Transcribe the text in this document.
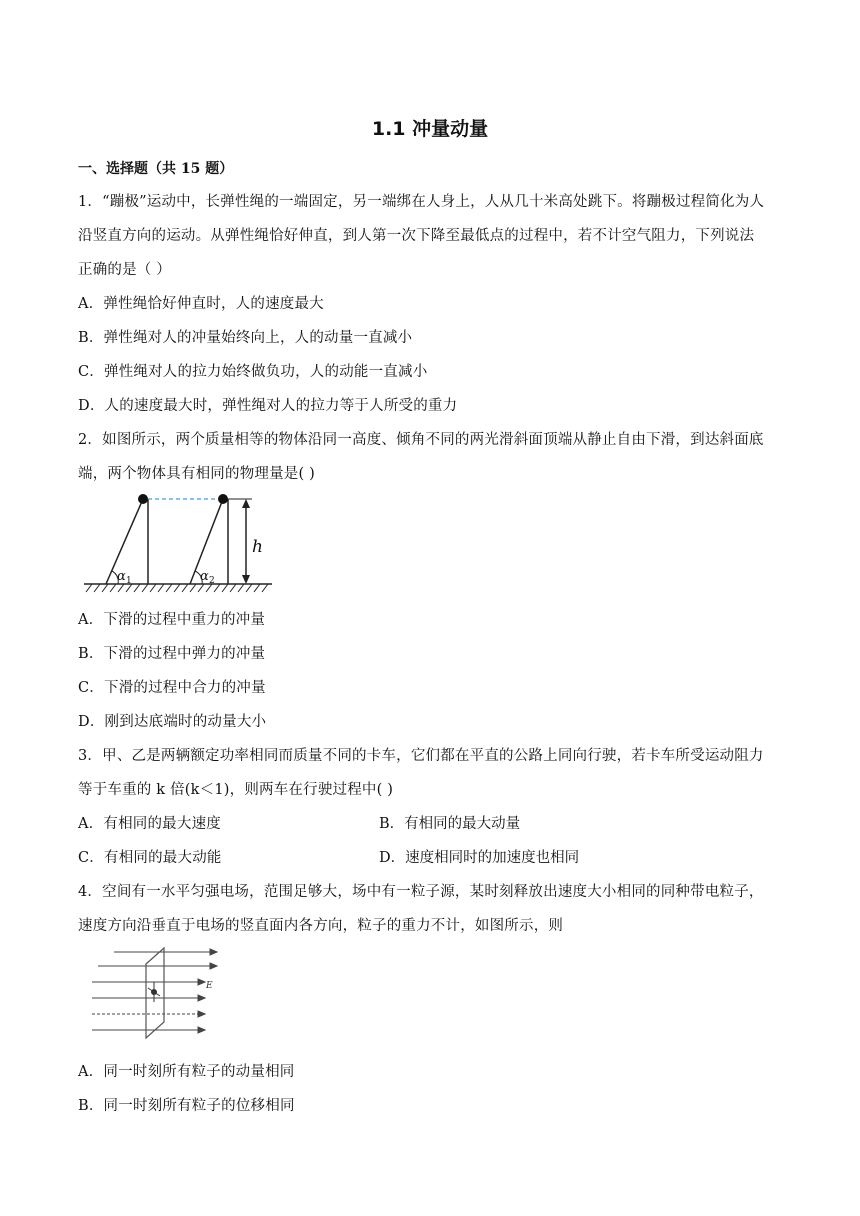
1.1 冲量动量
一、选择题（共 15 题）
1．“蹦极”运动中，长弹性绳的一端固定，另一端绑在人身上，人从几十米高处跳下。将蹦极过程简化为人
沿竖直方向的运动。从弹性绳恰好伸直，到人第一次下降至最低点的过程中，若不计空气阻力，下列说法
正确的是（ ）
A．弹性绳恰好伸直时，人的速度最大
B．弹性绳对人的冲量始终向上，人的动量一直减小
C．弹性绳对人的拉力始终做负功，人的动能一直减小
D．人的速度最大时，弹性绳对人的拉力等于人所受的重力
2．如图所示，两个质量相等的物体沿同一高度、倾角不同的两光滑斜面顶端从静止自由下滑，到达斜面底
端，两个物体具有相同的物理量是( )
h
α 1	α 2
A．下滑的过程中重力的冲量
B．下滑的过程中弹力的冲量
C．下滑的过程中合力的冲量
D．刚到达底端时的动量大小
3．甲、乙是两辆额定功率相同而质量不同的卡车，它们都在平直的公路上同向行驶，若卡车所受运动阻力
等于车重的 k 倍(k＜1)，则两车在行驶过程中( )
A．有相同的最大速度	B．有相同的最大动量
C．有相同的最大动能	D．速度相同时的加速度也相同
4．空间有一水平匀强电场，范围足够大，场中有一粒子源，某时刻释放出速度大小相同的同种带电粒子，
速度方向沿垂直于电场的竖直面内各方向，粒子的重力不计，如图所示，则
E
A．同一时刻所有粒子的动量相同
B．同一时刻所有粒子的位移相同
